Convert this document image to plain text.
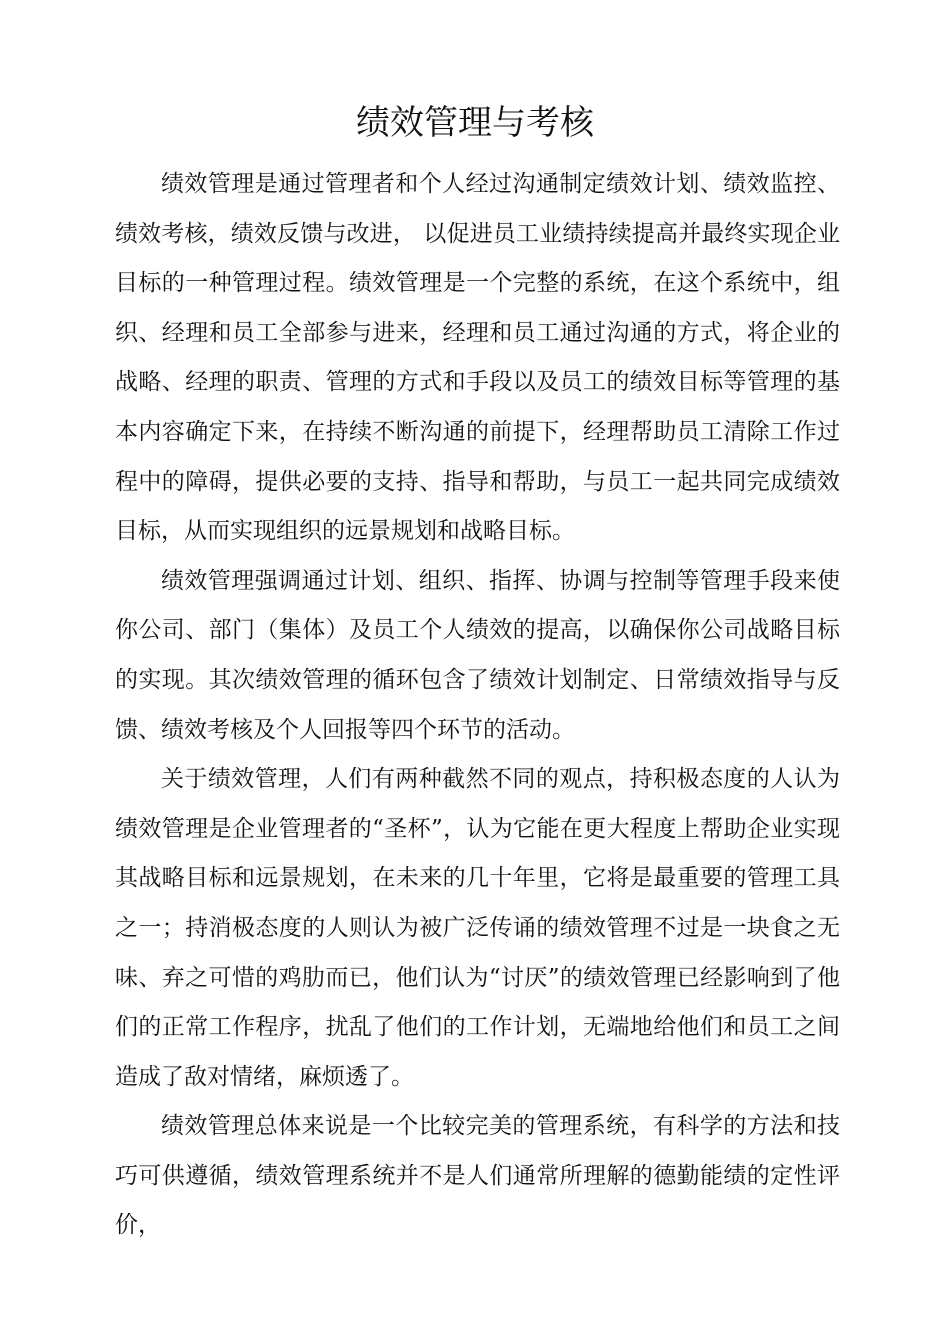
绩效管理与考核

绩效管理是通过管理者和个人经过沟通制定绩效计划、绩效监控、绩效考核，绩效反馈与改进， 以促进员工业绩持续提高并最终实现企业目标的一种管理过程。绩效管理是一个完整的系统，在这个系统中，组织、经理和员工全部参与进来，经理和员工通过沟通的方式，将企业的战略、经理的职责、管理的方式和手段以及员工的绩效目标等管理的基本内容确定下来，在持续不断沟通的前提下，经理帮助员工清除工作过程中的障碍，提供必要的支持、指导和帮助，与员工一起共同完成绩效目标，从而实现组织的远景规划和战略目标。

绩效管理强调通过计划、组织、指挥、协调与控制等管理手段来使你公司、部门（集体）及员工个人绩效的提高，以确保你公司战略目标的实现。其次绩效管理的循环包含了绩效计划制定、日常绩效指导与反馈、绩效考核及个人回报等四个环节的活动。

关于绩效管理，人们有两种截然不同的观点，持积极态度的人认为绩效管理是企业管理者的“圣杯”，认为它能在更大程度上帮助企业实现其战略目标和远景规划，在未来的几十年里，它将是最重要的管理工具之一；持消极态度的人则认为被广泛传诵的绩效管理不过是一块食之无味、弃之可惜的鸡肋而已，他们认为“讨厌”的绩效管理已经影响到了他们的正常工作程序，扰乱了他们的工作计划，无端地给他们和员工之间造成了敌对情绪，麻烦透了。

绩效管理总体来说是一个比较完美的管理系统，有科学的方法和技巧可供遵循，绩效管理系统并不是人们通常所理解的德勤能绩的定性评价，
